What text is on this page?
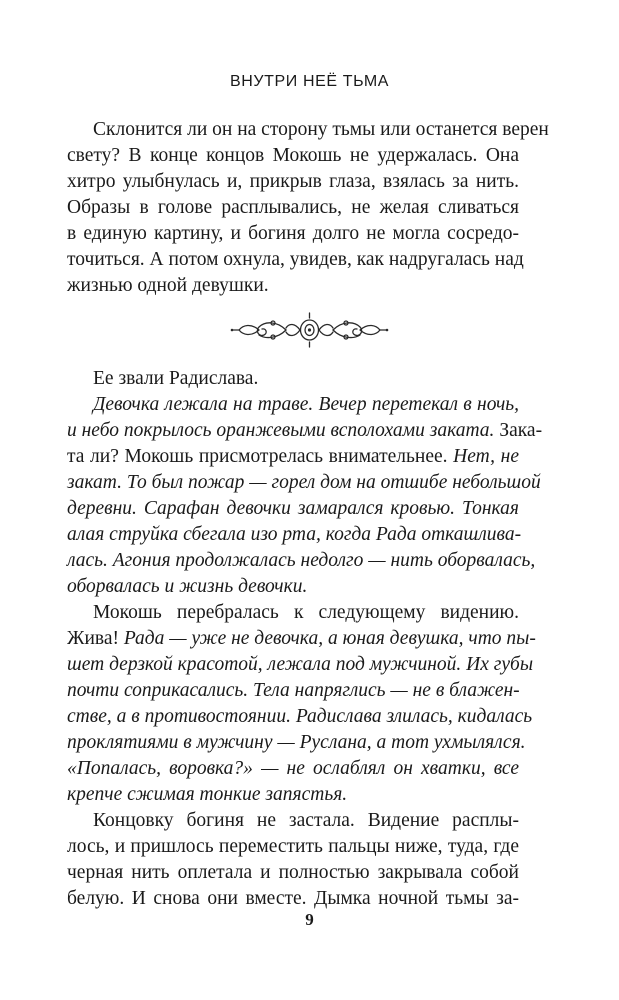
ВНУТРИ НЕЁ ТЬМА
Склонится ли он на сторону тьмы или останется верен
свету? В конце концов Мокошь не удержалась. Она
хитро улыбнулась и, прикрыв глаза, взялась за нить.
Образы в голове расплывались, не желая сливаться
в единую картину, и богиня долго не могла сосредо-
точиться. А потом охнула, увидев, как надругалась над
жизнью одной девушки.
Ее звали Радислава.
Девочка лежала на траве. Вечер перетекал в ночь,
и небо покрылось оранжевыми всполохами заката. Зака-
та ли? Мокошь присмотрелась внимательнее. Нет, не
закат. То был пожар — горел дом на отшибе небольшой
деревни. Сарафан девочки замарался кровью. Тонкая
алая струйка сбегала изо рта, когда Рада откашлива-
лась. Агония продолжалась недолго — нить оборвалась,
оборвалась и жизнь девочки.
Мокошь перебралась к следующему видению.
Жива! Рада — уже не девочка, а юная девушка, что пы-
шет дерзкой красотой, лежала под мужчиной. Их губы
почти соприкасались. Тела напряглись — не в блажен-
стве, а в противостоянии. Радислава злилась, кидалась
проклятиями в мужчину — Руслана, а тот ухмылялся.
«Попалась, воровка?» — не ослаблял он хватки, все
крепче сжимая тонкие запястья.
Концовку богиня не застала. Видение расплы-
лось, и пришлось переместить пальцы ниже, туда, где
черная нить оплетала и полностью закрывала собой
белую. И снова они вместе. Дымка ночной тьмы за-
9
